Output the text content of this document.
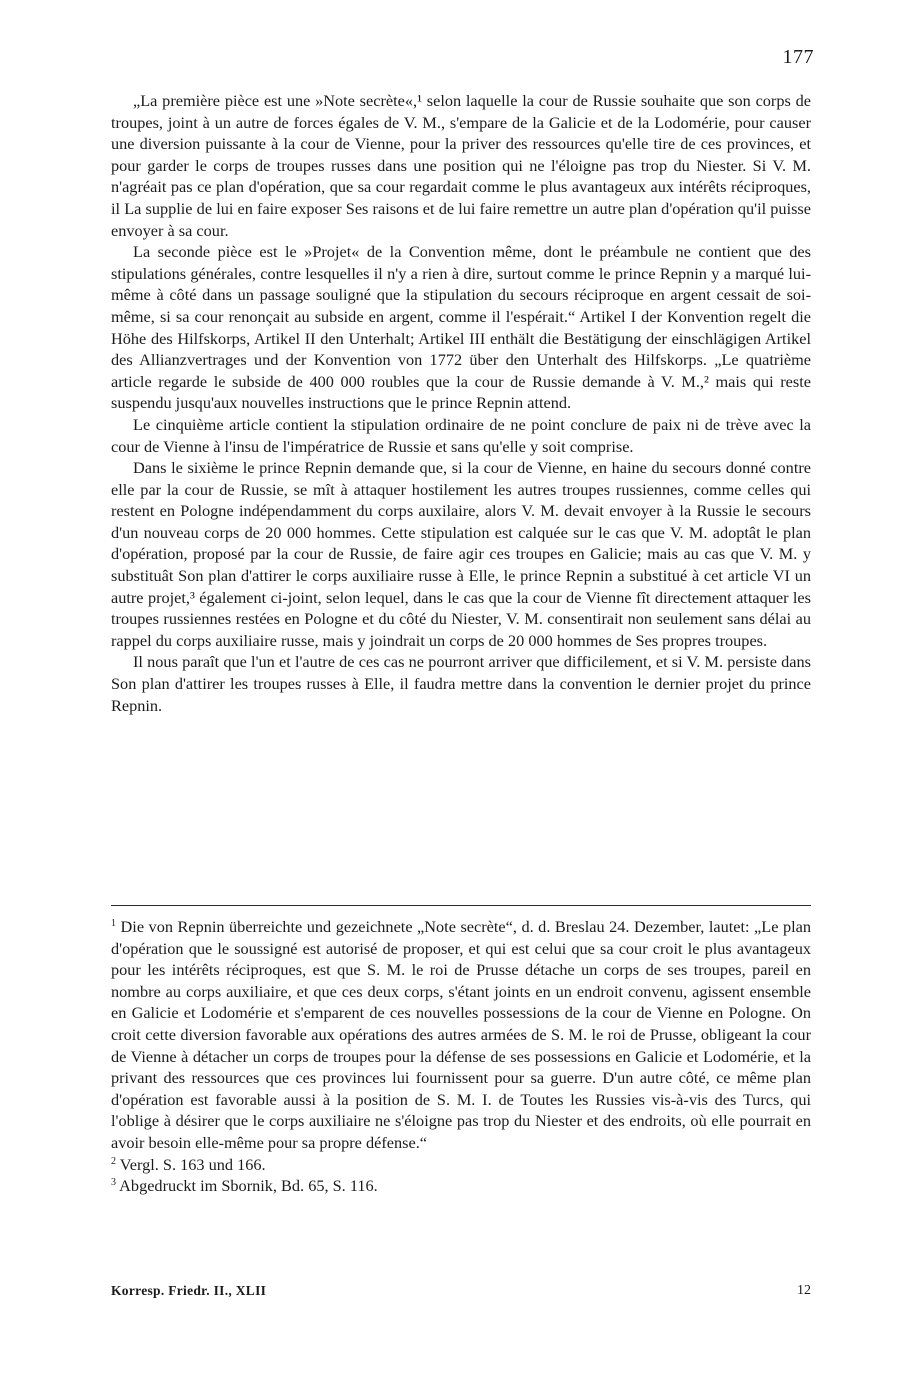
177

„La première pièce est une »Note secrète«,¹ selon laquelle la cour de Russie souhaite que son corps de troupes, joint à un autre de forces égales de V. M., s'empare de la Galicie et de la Lodomérie, pour causer une diversion puissante à la cour de Vienne, pour la priver des ressources qu'elle tire de ces provinces, et pour garder le corps de troupes russes dans une position qui ne l'éloigne pas trop du Niester. Si V. M. n'agréait pas ce plan d'opération, que sa cour regardait comme le plus avantageux aux intérêts réciproques, il La supplie de lui en faire exposer Ses raisons et de lui faire remettre un autre plan d'opération qu'il puisse envoyer à sa cour.

La seconde pièce est le »Projet« de la Convention même, dont le préambule ne contient que des stipulations générales, contre lesquelles il n'y a rien à dire, surtout comme le prince Repnin y a marqué lui-même à côté dans un passage souligné que la stipulation du secours réciproque en argent cessait de soi-même, si sa cour renonçait au subside en argent, comme il l'espérait.“ Artikel I der Konvention regelt die Höhe des Hilfskorps, Artikel II den Unterhalt; Artikel III enthält die Bestätigung der einschlägigen Artikel des Allianzvertrages und der Konvention von 1772 über den Unterhalt des Hilfskorps. „Le quatrième article regarde le subside de 400 000 roubles que la cour de Russie demande à V. M.,² mais qui reste suspendu jusqu'aux nouvelles instructions que le prince Repnin attend.

Le cinquième article contient la stipulation ordinaire de ne point conclure de paix ni de trève avec la cour de Vienne à l'insu de l'impératrice de Russie et sans qu'elle y soit comprise.

Dans le sixième le prince Repnin demande que, si la cour de Vienne, en haine du secours donné contre elle par la cour de Russie, se mît à attaquer hostilement les autres troupes russiennes, comme celles qui restent en Pologne indépendamment du corps auxilaire, alors V. M. devait envoyer à la Russie le secours d'un nouveau corps de 20 000 hommes. Cette stipulation est calquée sur le cas que V. M. adoptât le plan d'opération, proposé par la cour de Russie, de faire agir ces troupes en Galicie; mais au cas que V. M. y substituât Son plan d'attirer le corps auxiliaire russe à Elle, le prince Repnin a substitué à cet article VI un autre projet,³ également ci-joint, selon lequel, dans le cas que la cour de Vienne fît directement attaquer les troupes russiennes restées en Pologne et du côté du Niester, V. M. consentirait non seulement sans délai au rappel du corps auxiliaire russe, mais y joindrait un corps de 20 000 hommes de Ses propres troupes.

Il nous paraît que l'un et l'autre de ces cas ne pourront arriver que difficilement, et si V. M. persiste dans Son plan d'attirer les troupes russes à Elle, il faudra mettre dans la convention le dernier projet du prince Repnin.

$^1$ Die von Repnin überreichte und gezeichnete „Note secrète“, d. d. Breslau 24. Dezember, lautet: „Le plan d'opération que le soussigné est autorisé de proposer, et qui est celui que sa cour croit le plus avantageux pour les intérêts réciproques, est que S. M. le roi de Prusse détache un corps de ses troupes, pareil en nombre au corps auxiliaire, et que ces deux corps, s'étant joints en un endroit convenu, agissent ensemble en Galicie et Lodomérie et s'emparent de ces nouvelles possessions de la cour de Vienne en Pologne. On croit cette diversion favorable aux opérations des autres armées de S. M. le roi de Prusse, obligeant la cour de Vienne à détacher un corps de troupes pour la défense de ses possessions en Galicie et Lodomérie, et la privant des ressources que ces provinces lui fournissent pour sa guerre. D'un autre côté, ce même plan d'opération est favorable aussi à la position de S. M. I. de Toutes les Russies vis-à-vis des Turcs, qui l'oblige à désirer que le corps auxiliaire ne s'éloigne pas trop du Niester et des endroits, où elle pourrait en avoir besoin elle-même pour sa propre défense.“

$^2$ Vergl. S. 163 und 166.

$^3$ Abgedruckt im Sbornik, Bd. 65, S. 116.

Korresp. Friedr. II., XLII	12
